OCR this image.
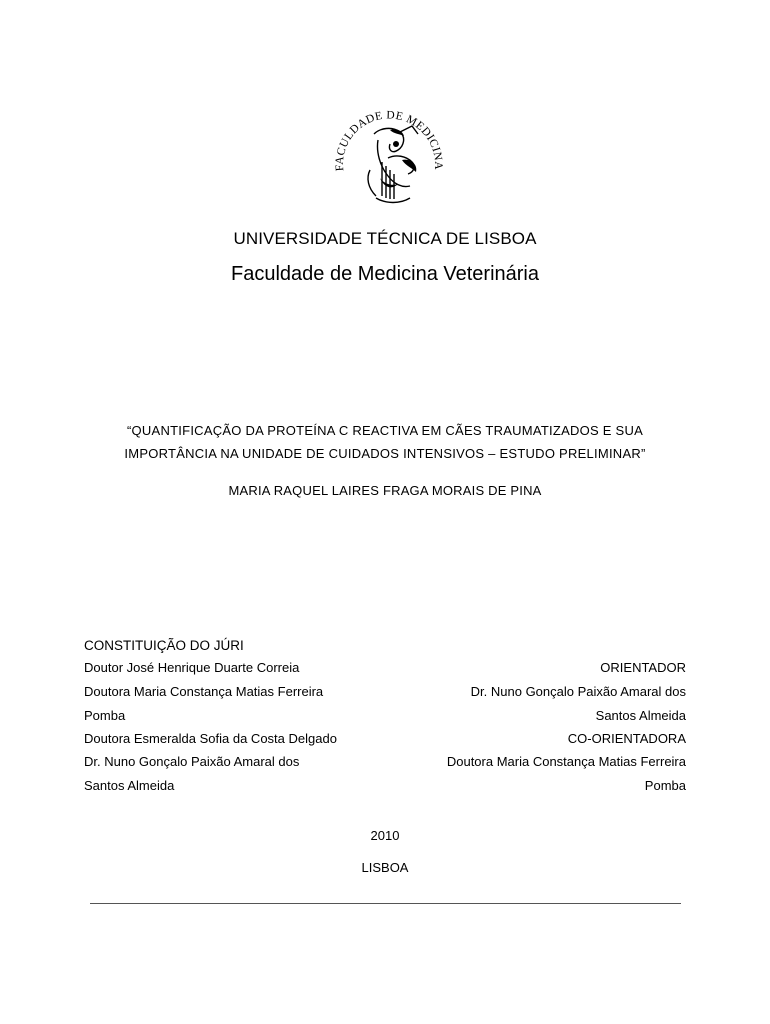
FACULDADE DE MEDICINA
UNIVERSIDADE TÉCNICA DE LISBOA
Faculdade de Medicina Veterinária
“QUANTIFICAÇÃO DA PROTEÍNA C REACTIVA EM CÃES TRAUMATIZADOS E SUA
IMPORTÂNCIA NA UNIDADE DE CUIDADOS INTENSIVOS – ESTUDO PRELIMINAR”
MARIA RAQUEL LAIRES FRAGA MORAIS DE PINA
CONSTITUIÇÃO DO JÚRI
Doutor José Henrique Duarte Correia
Doutora Maria Constança Matias Ferreira
Pomba
Doutora Esmeralda Sofia da Costa Delgado
Dr. Nuno Gonçalo Paixão Amaral dos
Santos Almeida
ORIENTADOR
Dr. Nuno Gonçalo Paixão Amaral dos
Santos Almeida
CO-ORIENTADORA
Doutora Maria Constança Matias Ferreira
Pomba
2010
LISBOA
